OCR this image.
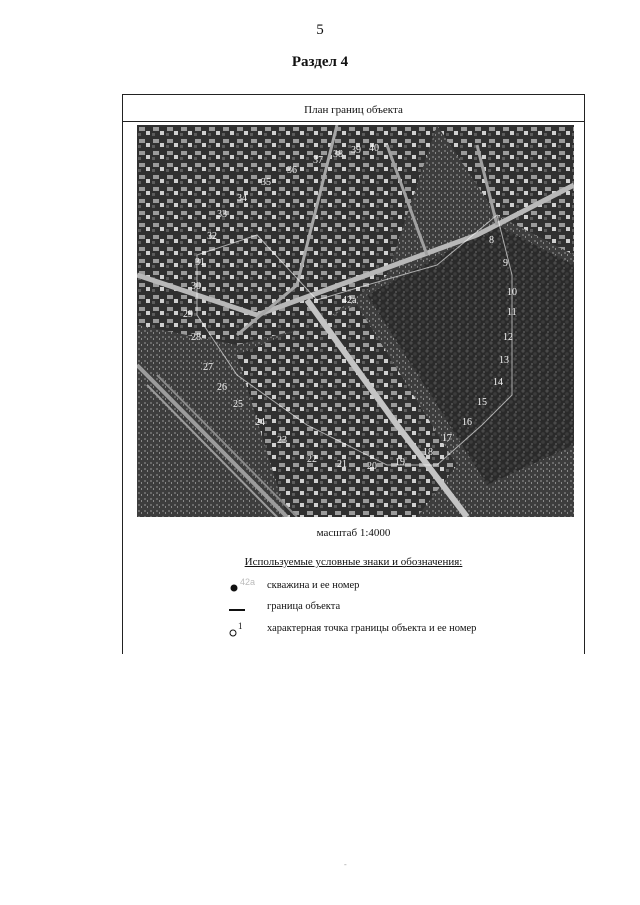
5
Раздел 4
План границ объекта
42a
8
9
10
11
12
13
14
15
16
17
18
19
20
21
22
23
24
25
26
27
28
29
30
31
32
33
34
35
36
37
38 39 40
масштаб 1:4000
Используемые условные знаки и обозначения:
42a скважина и ее номер
граница объекта
1 характерная точка границы объекта и ее номер
-
